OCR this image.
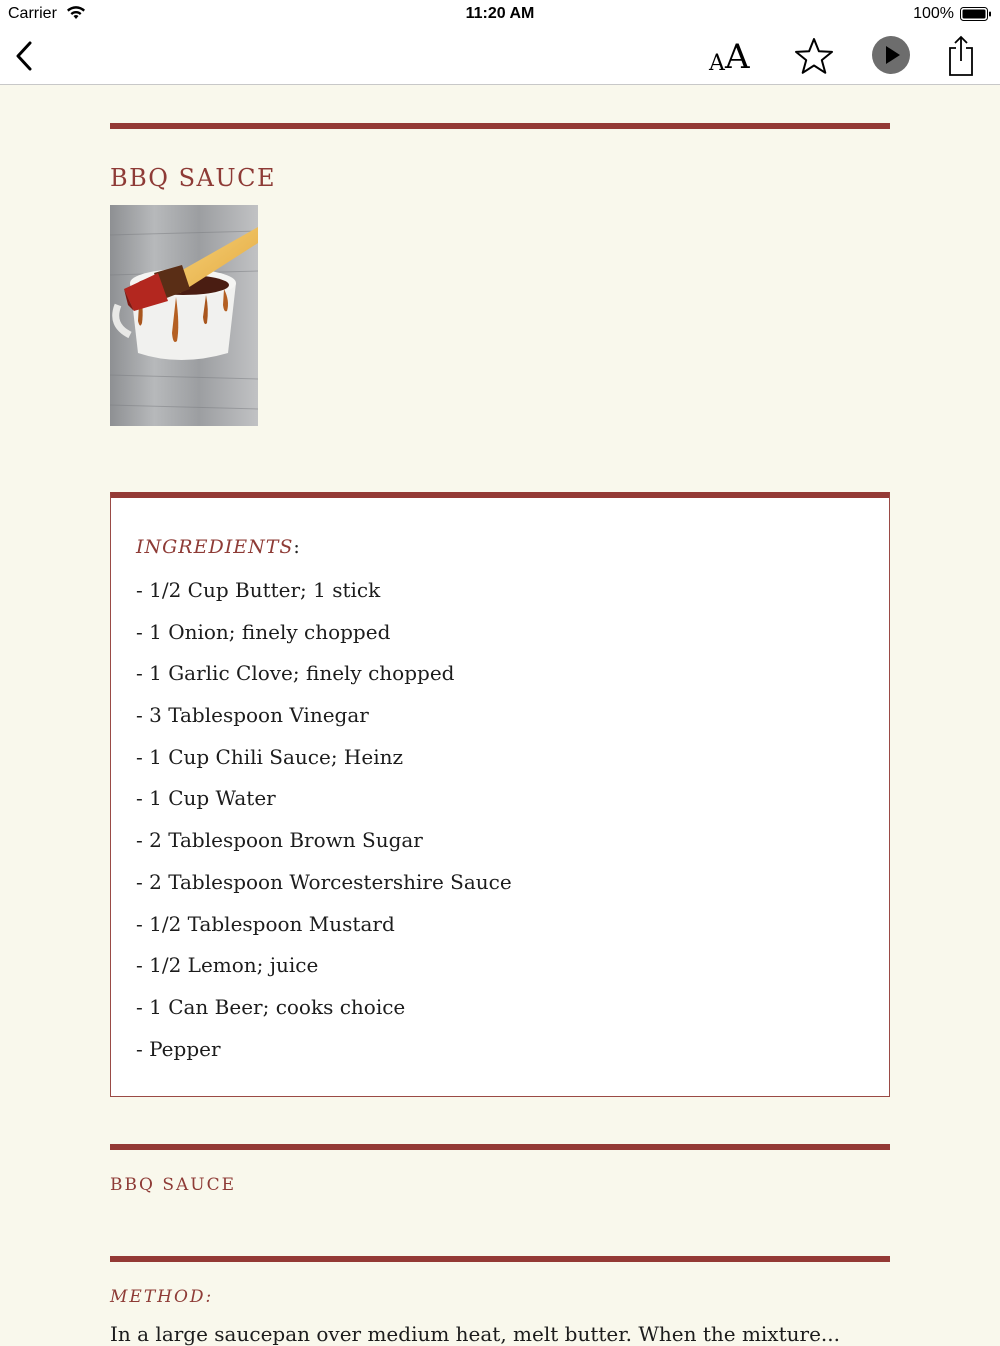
Carrier	11:20 AM	100%
A A
BBQ SAUCE
INGREDIENTS:
- 1/2 Cup Butter; 1 stick
- 1 Onion; finely chopped
- 1 Garlic Clove; finely chopped
- 3 Tablespoon Vinegar
- 1 Cup Chili Sauce; Heinz
- 1 Cup Water
- 2 Tablespoon Brown Sugar
- 2 Tablespoon Worcestershire Sauce
- 1/2 Tablespoon Mustard
- 1/2 Lemon; juice
- 1 Can Beer; cooks choice
- Pepper
BBQ SAUCE
METHOD:
In a large saucepan over medium heat, melt butter. When the mixture...
